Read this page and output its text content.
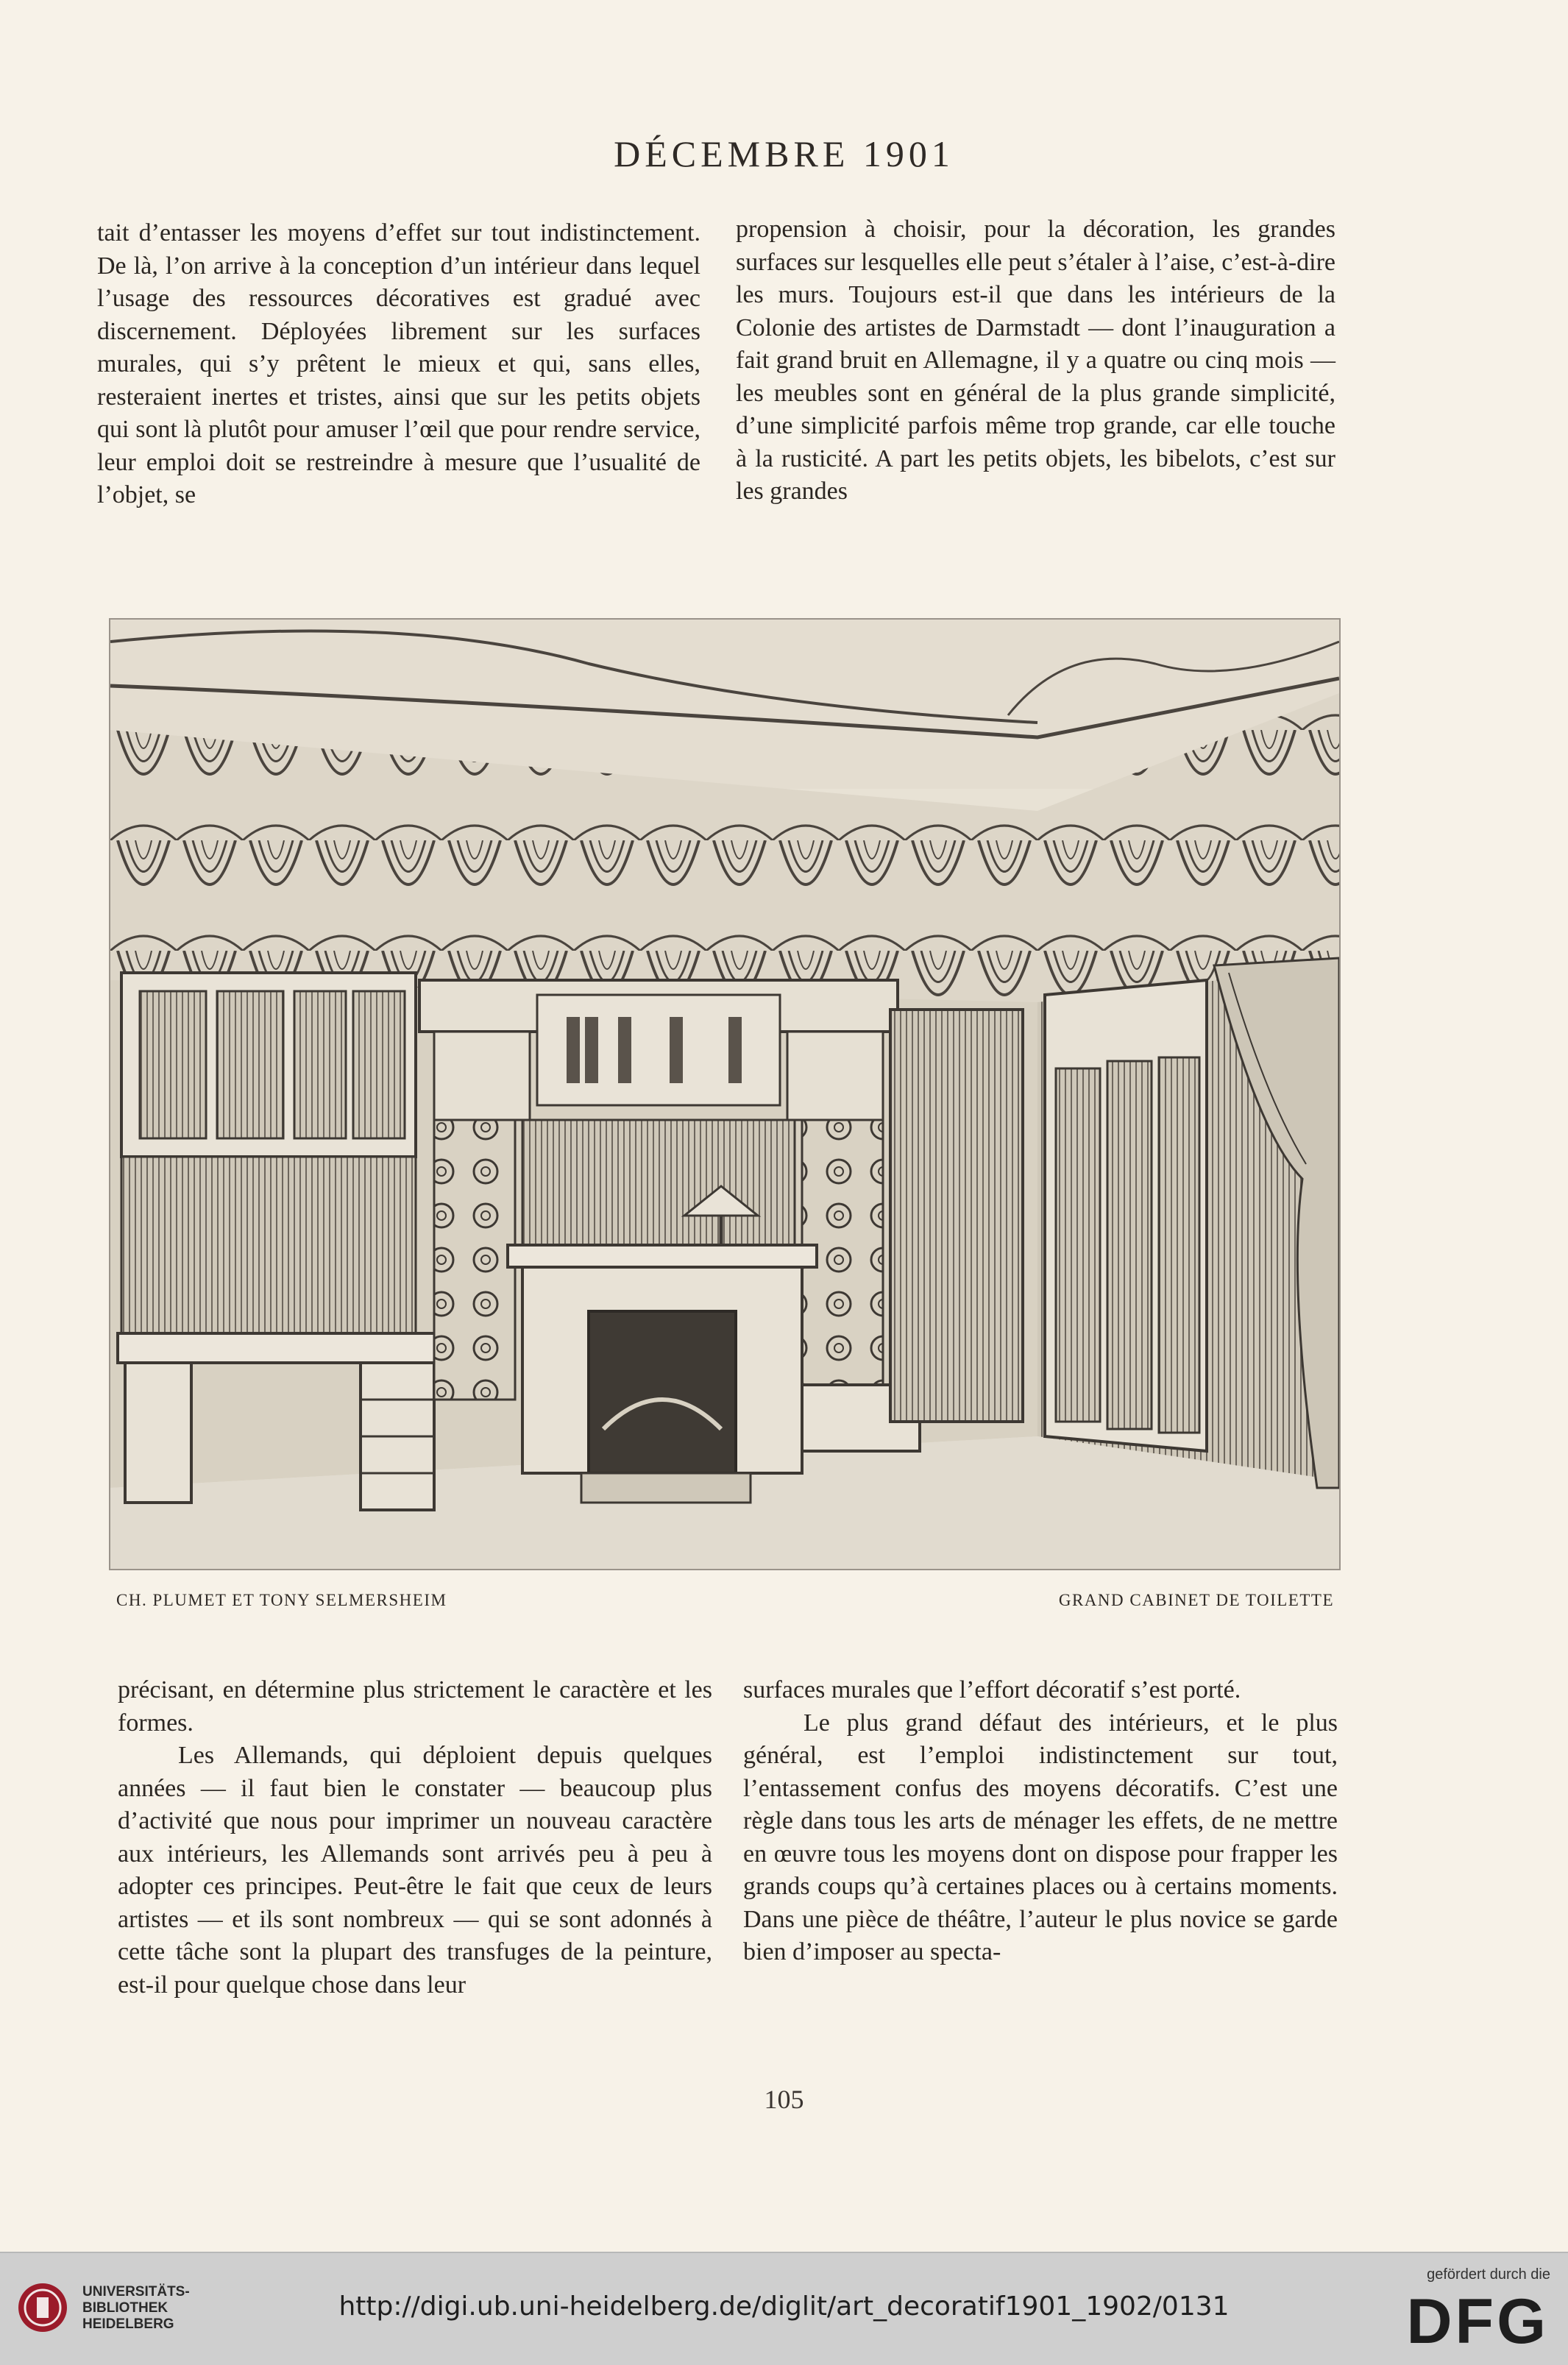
DÉCEMBRE 1901

tait d’entasser les moyens d’effet sur tout indistinctement. De là, l’on arrive à la conception d’un intérieur dans lequel l’usage des ressources décoratives est gradué avec discernement. Déployées librement sur les surfaces murales, qui s’y prêtent le mieux et qui, sans elles, resteraient inertes et tristes, ainsi que sur les petits objets qui sont là plutôt pour amuser l’œil que pour rendre service, leur emploi doit se restreindre à mesure que l’usualité de l’objet, se

propension à choisir, pour la décoration, les grandes surfaces sur lesquelles elle peut s’étaler à l’aise, c’est-à-dire les murs. Toujours est-il que dans les intérieurs de la Colonie des artistes de Darmstadt — dont l’inauguration a fait grand bruit en Allemagne, il y a quatre ou cinq mois — les meubles sont en général de la plus grande simplicité, d’une simplicité parfois même trop grande, car elle touche à la rusticité. A part les petits objets, les bibelots, c’est sur les grandes

CH. PLUMET ET TONY SELMERSHEIM	GRAND CABINET DE TOILETTE

précisant, en détermine plus strictement le caractère et les formes.

Les Allemands, qui déploient depuis quelques années — il faut bien le constater — beaucoup plus d’activité que nous pour imprimer un nouveau caractère aux intérieurs, les Allemands sont arrivés peu à peu à adopter ces principes. Peut-être le fait que ceux de leurs artistes — et ils sont nombreux — qui se sont adonnés à cette tâche sont la plupart des transfuges de la peinture, est-il pour quelque chose dans leur

surfaces murales que l’effort décoratif s’est porté.

Le plus grand défaut des intérieurs, et le plus général, est l’emploi indistinctement sur tout, l’entassement confus des moyens décoratifs. C’est une règle dans tous les arts de ménager les effets, de ne mettre en œuvre tous les moyens dont on dispose pour frapper les grands coups qu’à certaines places ou à certains moments. Dans une pièce de théâtre, l’auteur le plus novice se garde bien d’imposer au specta-

105
UNIVERSITÄTS-
BIBLIOTHEK
HEIDELBERG
http://digi.ub.uni-heidelberg.de/diglit/art_decoratif1901_1902/0131
gefördert durch die
DFG
